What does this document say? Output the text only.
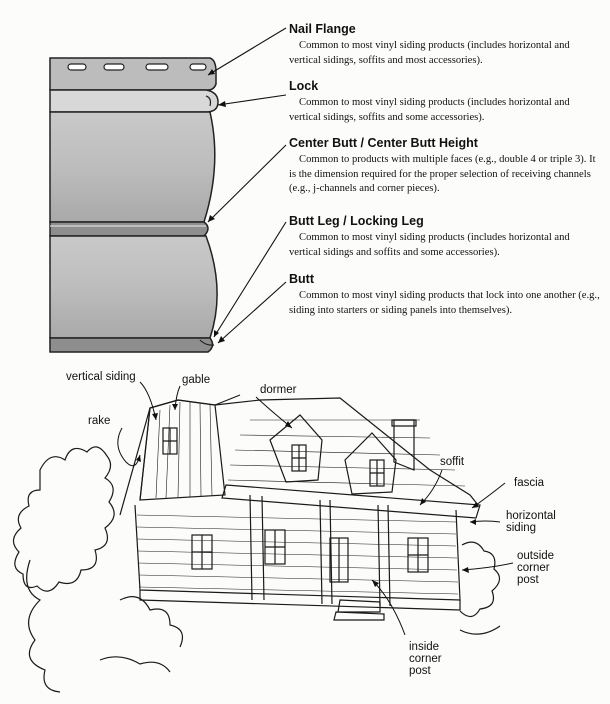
Nail Flange

Common to most vinyl siding products (includes horizontal and vertical sidings, soffits and most accessories).

Lock

Common to most vinyl siding products (includes horizontal and vertical sidings, soffits and some accessories).

Center Butt / Center Butt Height

Common to products with multiple faces (e.g., double 4 or triple 3). It is the dimension required for the proper selection of receiving channels (e.g., j-channels and corner pieces).

Butt Leg / Locking Leg

Common to most vinyl siding products (includes horizontal and vertical sidings and soffits and some accessories).

Butt

Common to most vinyl siding products that lock into one another (e.g., siding into starters or siding panels into themselves).

vertical siding	gable
dormer
rake
soffit
fascia
horizontal siding
outside corner post
inside corner post
